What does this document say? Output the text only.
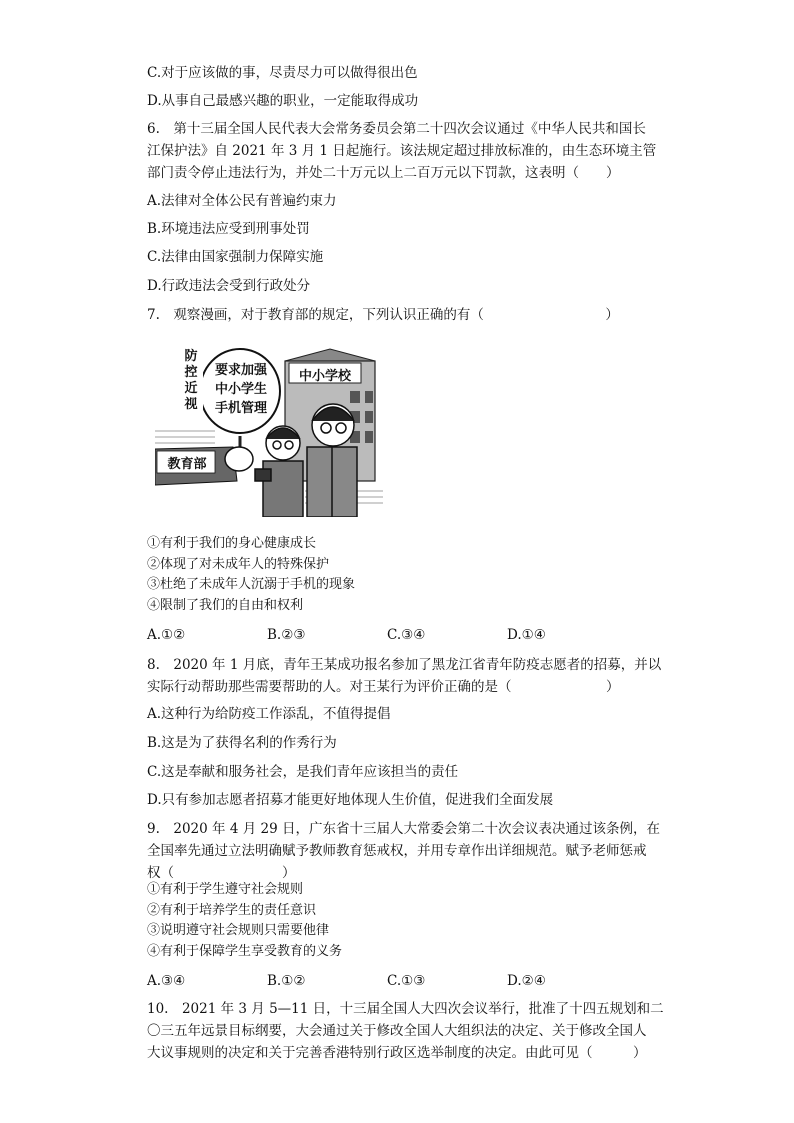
C.对于应该做的事，尽责尽力可以做得很出色
D.从事自己最感兴趣的职业，一定能取得成功
6.　第十三届全国人民代表大会常务委员会第二十四次会议通过《中华人民共和国长
江保护法》自 2021 年 3 月 1 日起施行。该法规定超过排放标准的，由生态环境主管
部门责令停止违法行为，并处二十万元以上二百万元以下罚款，这表明（　　）
A.法律对全体公民有普遍约束力
B.环境违法应受到刑事处罚
C.法律由国家强制力保障实施
D.行政违法会受到行政处分
7.　观察漫画，对于教育部的规定，下列认识正确的有（　　　　　　　　　）
防
控
近
视
要求加强
中小学生
手机管理
中小学校
教育部
①有利于我们的身心健康成长
②体现了对未成年人的特殊保护
③杜绝了未成年人沉溺于手机的现象
④限制了我们的自由和权利
A.①②	B.②③	C.③④	D.①④
8.　2020 年 1 月底，青年王某成功报名参加了黑龙江省青年防疫志愿者的招募，并以
实际行动帮助那些需要帮助的人。对王某行为评价正确的是（　　　　　　　）
A.这种行为给防疫工作添乱，不值得提倡
B.这是为了获得名利的作秀行为
C.这是奉献和服务社会，是我们青年应该担当的责任
D.只有参加志愿者招募才能更好地体现人生价值，促进我们全面发展
9.　2020 年 4 月 29 日，广东省十三届人大常委会第二十次会议表决通过该条例，在
全国率先通过立法明确赋予教师教育惩戒权，并用专章作出详细规范。赋予老师惩戒
权（　　　　　　　　）
①有利于学生遵守社会规则
②有利于培养学生的责任意识
③说明遵守社会规则只需要他律
④有利于保障学生享受教育的义务
A.③④	B.①②	C.①③	D.②④
10.　2021 年 3 月 5—11 日，十三届全国人大四次会议举行，批准了十四五规划和二
〇三五年远景目标纲要，大会通过关于修改全国人大组织法的决定、关于修改全国人
大议事规则的决定和关于完善香港特别行政区选举制度的决定。由此可见（　　　）
